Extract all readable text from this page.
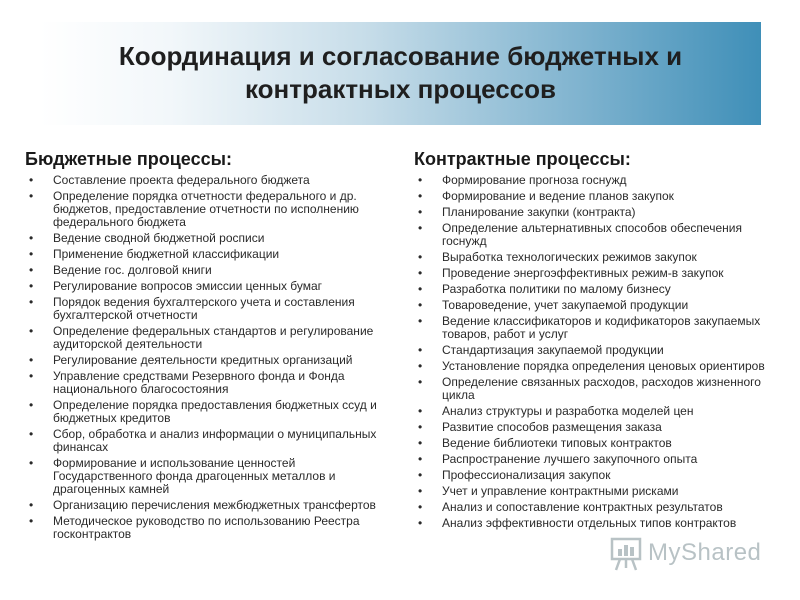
Координация и согласование бюджетных и
контрактных процессов
Бюджетные процессы:
• Составление проекта федерального бюджета
• Определение порядка отчетности федерального и др. бюджетов, предоставление отчетности по исполнению федерального бюджета
• Ведение сводной бюджетной росписи
• Применение бюджетной классификации
• Ведение гос. долговой книги
• Регулирование вопросов эмиссии ценных бумаг
• Порядок ведения бухгалтерского учета и составления бухгалтерской отчетности
• Определение федеральных стандартов и регулирование аудиторской деятельности
• Регулирование деятельности кредитных организаций
• Управление средствами Резервного фонда и Фонда национального благосостояния
• Определение порядка предоставления бюджетных ссуд и бюджетных кредитов
• Сбор, обработка и анализ информации о муниципальных финансах
• Формирование и использование ценностей Государственного фонда драгоценных металлов и драгоценных камней
• Организацию перечисления межбюджетных трансфертов
• Методическое руководство по использованию Реестра госконтрактов
Контрактные процессы:
• Формирование прогноза госнужд
• Формирование и ведение планов закупок
• Планирование закупки (контракта)
• Определение альтернативных способов обеспечения госнужд
• Выработка технологических режимов закупок
• Проведение энергоэффективных режим-в закупок
• Разработка политики по малому бизнесу
• Товароведение, учет закупаемой продукции
• Ведение классификаторов и кодификаторов закупаемых товаров, работ и услуг
• Стандартизация закупаемой продукции
• Установление порядка определения ценовых ориентиров
• Определение связанных расходов, расходов жизненного цикла
• Анализ структуры и разработка моделей цен
• Развитие способов размещения заказа
• Ведение библиотеки типовых контрактов
• Распространение лучшего закупочного опыта
• Профессионализация закупок
• Учет и управление контрактными рисками
• Анализ и сопоставление контрактных результатов
• Анализ эффективности отдельных типов контрактов
MyShared
